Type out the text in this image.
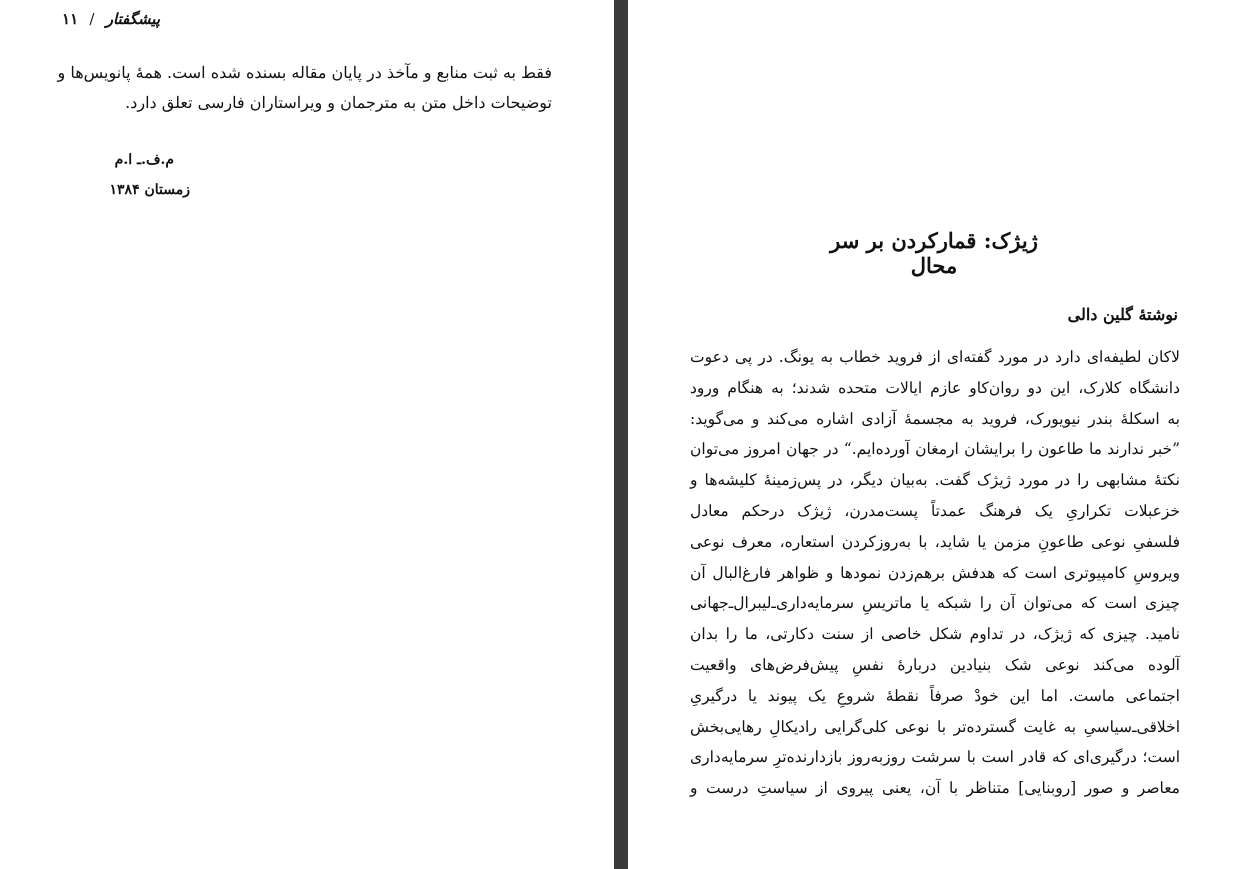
پیشگفتار / ۱۱
فقط به ثبت منابع و مآخذ در پایان مقاله بسنده شده است. همهٔ پانویس‌ها و
توضیحات داخل متن به مترجمان و ویراستاران فارسی تعلق دارد.
م.ف.ـ ا.م
زمستان ۱۳۸۴
ژیژک: قمارکردن بر سر محال
نوشتهٔ گلین دالی
لاکان لطیفه‌ای دارد در مورد گفته‌ای از فروید خطاب به یونگ. در پی دعوت
دانشگاه کلارک، این دو روان‌کاو عازم ایالات متحده شدند؛ به هنگام ورود
به اسکلهٔ بندر نیویورک، فروید به مجسمهٔ آزادی اشاره می‌کند و می‌گوید:
”خبر ندارند ما طاعون را برایشان ارمغان آورده‌ایم.“ در جهان امروز می‌توان
نکتهٔ مشابهی را در مورد ژیژک گفت. به‌بیان دیگر، در پس‌زمینهٔ کلیشه‌ها و
خزعبلات تکراریِ یک فرهنگ عمدتاً پست‌مدرن، ژیژک درحکم معادل
فلسفیِ نوعی طاعونِ مزمن یا شاید، با به‌روزکردن استعاره، معرف نوعی
ویروسِ کامپیوتری است که هدفش برهم‌زدن نمودها و ظواهر فارغ‌البال آن
چیزی است که می‌توان آن را شبکه یا ماتریسِ سرمایه‌داری‌ـ‌لیبرال‌ـ‌جهانی
نامید. چیزی که ژیژک، در تداوم شکل خاصی از سنت دکارتی، ما را بدان
آلوده می‌کند نوعی شک بنیادین دربارهٔ نفسِ پیش‌فرض‌های واقعیت
اجتماعی ماست. اما این خودْ صرفاً نقطهٔ شروعِ یک پیوند یا درگیریِ
اخلاقی‌ـ‌سیاسیِ به غایت گسترده‌تر با نوعی کلی‌گرایی رادیکالِ رهایی‌بخش
است؛ درگیری‌ای که قادر است با سرشت روزبه‌روز بازدارنده‌ترِ سرمایه‌داری
معاصر و صور [روبنایی] متناظر با آن، یعنی پیروی از سیاستِ درست و
